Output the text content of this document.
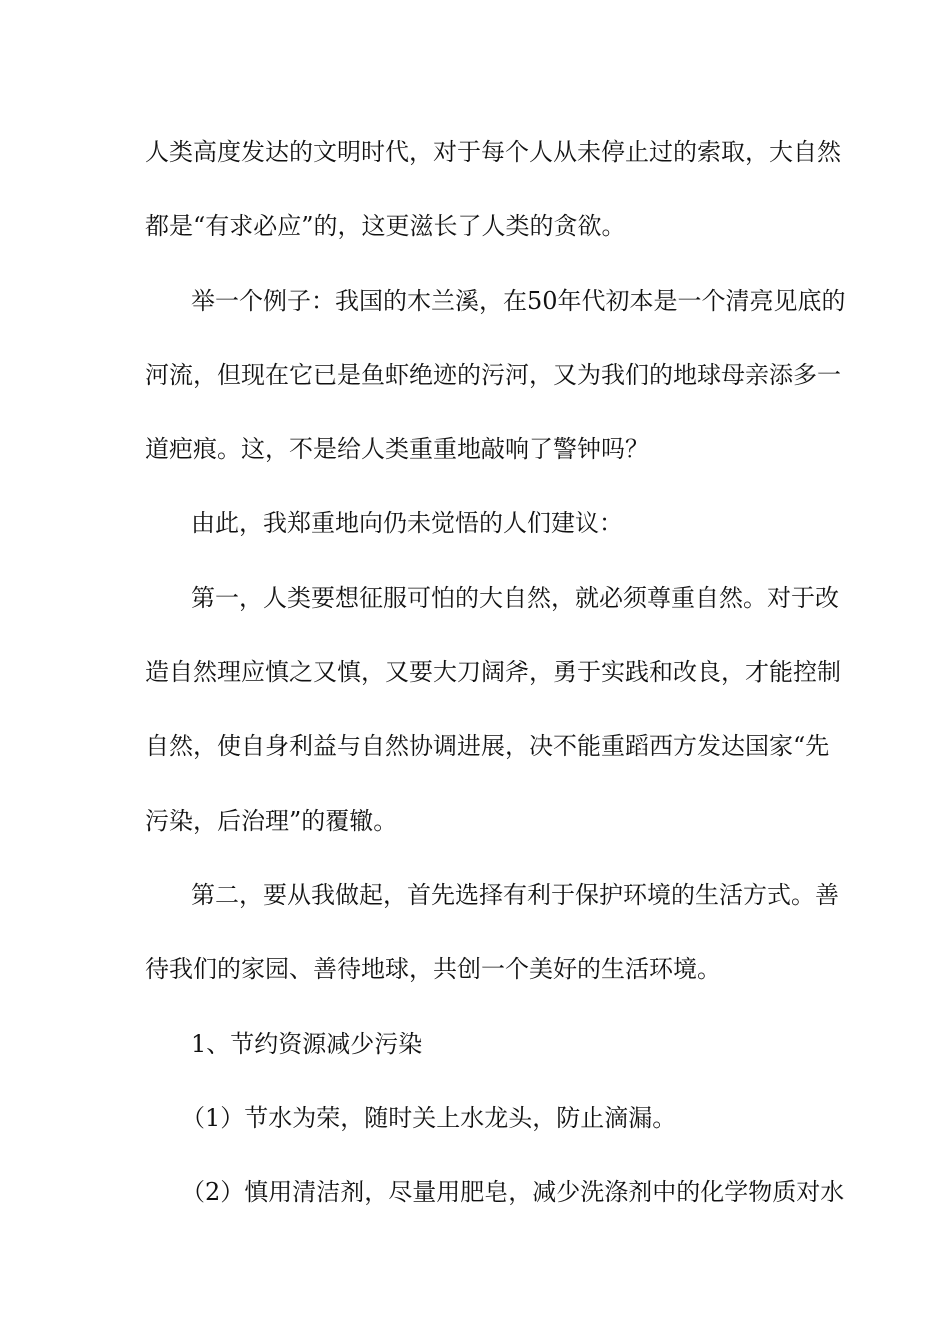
人类高度发达的文明时代，对于每个人从未停止过的索取，大自然
都是“有求必应”的，这更滋长了人类的贪欲。
举一个例子：我国的木兰溪，在50年代初本是一个清亮见底的
河流，但现在它已是鱼虾绝迹的污河，又为我们的地球母亲添多一
道疤痕。这，不是给人类重重地敲响了警钟吗？
由此，我郑重地向仍未觉悟的人们建议：
第一，人类要想征服可怕的大自然，就必须尊重自然。对于改
造自然理应慎之又慎，又要大刀阔斧，勇于实践和改良，才能控制
自然，使自身利益与自然协调进展，决不能重蹈西方发达国家“先
污染，后治理”的覆辙。
第二，要从我做起，首先选择有利于保护环境的生活方式。善
待我们的家园、善待地球，共创一个美好的生活环境。
1、节约资源减少污染
（1）节水为荣，随时关上水龙头，防止滴漏。
（2）慎用清洁剂，尽量用肥皂，减少洗涤剂中的化学物质对水
